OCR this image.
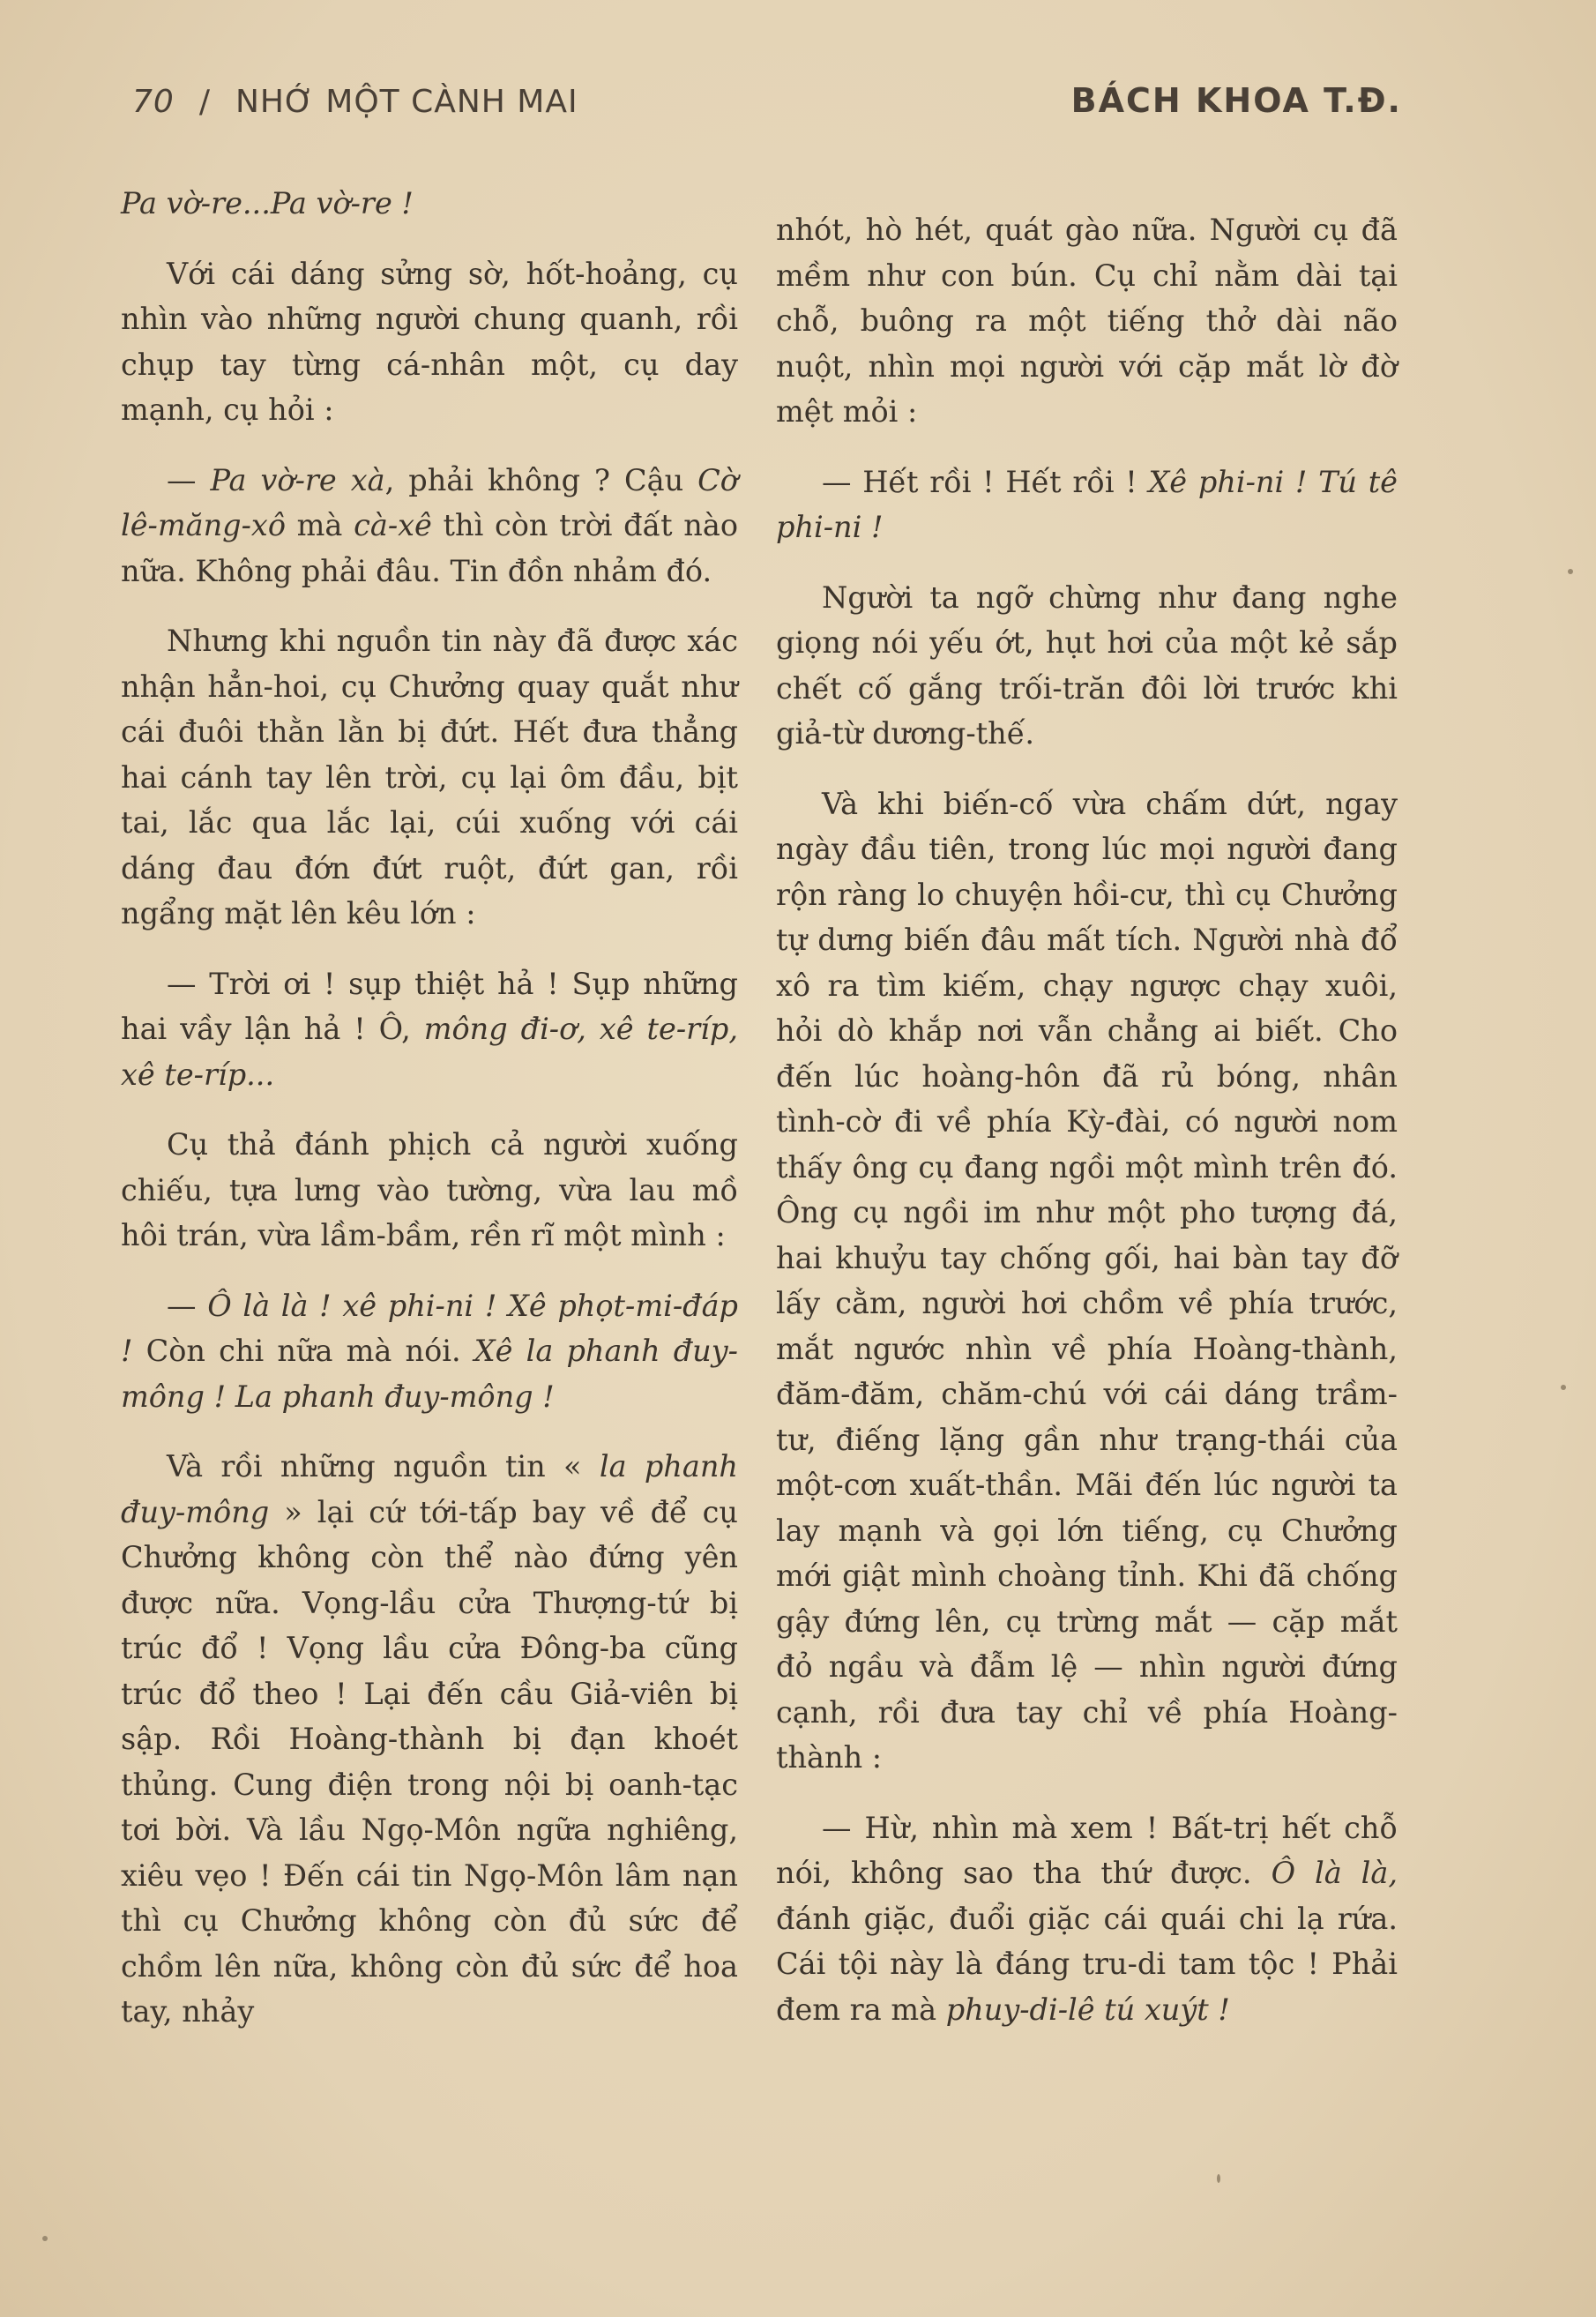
70 / NHỚ MỘT CÀNH MAI	BÁCH KHOA T.Đ.

Pa vờ-re...Pa vờ-re !

Với cái dáng sửng sờ, hốt-hoảng, cụ nhìn vào những người chung quanh, rồi chụp tay từng cá-nhân một, cụ day mạnh, cụ hỏi :

— Pa vờ-re xà, phải không ? Cậu Cờ lê-măng-xô mà cà-xê thì còn trời đất nào nữa. Không phải đâu. Tin đồn nhảm đó.

Nhưng khi nguồn tin này đã được xác nhận hẳn-hoi, cụ Chưởng quay quắt như cái đuôi thằn lằn bị đứt. Hết đưa thẳng hai cánh tay lên trời, cụ lại ôm đầu, bịt tai, lắc qua lắc lại, cúi xuống với cái dáng đau đớn đứt ruột, đứt gan, rồi ngẩng mặt lên kêu lớn :

— Trời ơi ! sụp thiệt hả ! Sụp những hai vầy lận hả ! Ô, mông đi-ơ, xê te-ríp, xê te-ríp...

Cụ thả đánh phịch cả người xuống chiếu, tựa lưng vào tường, vừa lau mồ hôi trán, vừa lầm-bầm, rền rĩ một mình :

— Ô là là ! xê phi-ni ! Xê phọt-mi-đáp ! Còn chi nữa mà nói. Xê la phanh đuy-mông ! La phanh đuy-mông !

Và rồi những nguồn tin « la phanh đuy-mông » lại cứ tới-tấp bay về để cụ Chưởng không còn thể nào đứng yên được nữa. Vọng-lầu cửa Thượng-tứ bị trúc đổ ! Vọng lầu cửa Đông-ba cũng trúc đổ theo ! Lại đến cầu Giả-viên bị sập. Rồi Hoàng-thành bị đạn khoét thủng. Cung điện trong nội bị oanh-tạc tơi bời. Và lầu Ngọ-Môn ngữa nghiêng, xiêu vẹo ! Đến cái tin Ngọ-Môn lâm nạn thì cụ Chưởng không còn đủ sức để chồm lên nữa, không còn đủ sức để hoa tay, nhảy

nhót, hò hét, quát gào nữa. Người cụ đã mềm như con bún. Cụ chỉ nằm dài tại chỗ, buông ra một tiếng thở dài não nuột, nhìn mọi người với cặp mắt lờ đờ mệt mỏi :

— Hết rồi ! Hết rồi ! Xê phi-ni ! Tú tê phi-ni !

Người ta ngỡ chừng như đang nghe giọng nói yếu ớt, hụt hơi của một kẻ sắp chết cố gắng trối-trăn đôi lời trước khi giả-từ dương-thế.

Và khi biến-cố vừa chấm dứt, ngay ngày đầu tiên, trong lúc mọi người đang rộn ràng lo chuyện hồi-cư, thì cụ Chưởng tự dưng biến đâu mất tích. Người nhà đổ xô ra tìm kiếm, chạy ngược chạy xuôi, hỏi dò khắp nơi vẫn chẳng ai biết. Cho đến lúc hoàng-hôn đã rủ bóng, nhân tình-cờ đi về phía Kỳ-đài, có người nom thấy ông cụ đang ngồi một mình trên đó. Ông cụ ngồi im như một pho tượng đá, hai khuỷu tay chống gối, hai bàn tay đỡ lấy cằm, người hơi chồm về phía trước, mắt ngước nhìn về phía Hoàng-thành, đăm-đăm, chăm-chú với cái dáng trầm-tư, điếng lặng gần như trạng-thái của một-cơn xuất-thần. Mãi đến lúc người ta lay mạnh và gọi lớn tiếng, cụ Chưởng mới giật mình choàng tỉnh. Khi đã chống gậy đứng lên, cụ trừng mắt — cặp mắt đỏ ngầu và đẫm lệ — nhìn người đứng cạnh, rồi đưa tay chỉ về phía Hoàng-thành :

— Hừ, nhìn mà xem ! Bất-trị hết chỗ nói, không sao tha thứ được. Ô là là, đánh giặc, đuổi giặc cái quái chi lạ rứa. Cái tội này là đáng tru-di tam tộc ! Phải đem ra mà phuy-di-lê tú xuýt !
